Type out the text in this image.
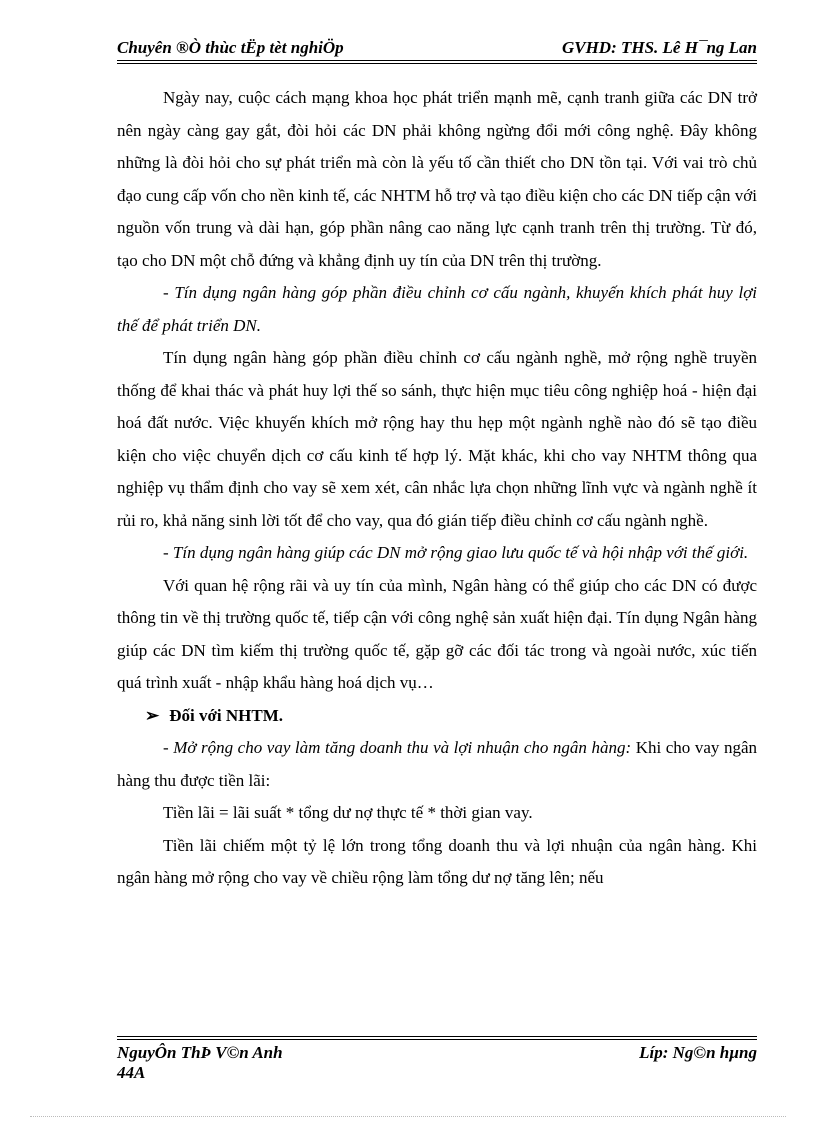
Chuyên ®Ò thùc tËp tèt nghiÖp	GVHD: THS. Lê H¯ng Lan

Ngày nay, cuộc cách mạng khoa học phát triển mạnh mẽ, cạnh tranh giữa các DN trở nên ngày càng gay gắt, đòi hỏi các DN phải không ngừng đổi mới công nghệ. Đây không những là đòi hỏi cho sự phát triển mà còn là yếu tố cần thiết cho DN tồn tại. Với vai trò chủ đạo cung cấp vốn cho nền kinh tế, các NHTM hỗ trợ và tạo điều kiện cho các DN tiếp cận với nguồn vốn trung và dài hạn, góp phần nâng cao năng lực cạnh tranh trên thị trường. Từ đó, tạo cho DN một chỗ đứng và khẳng định uy tín của DN trên thị trường.

- Tín dụng ngân hàng góp phần điều chỉnh cơ cấu ngành, khuyến khích phát huy lợi thế để phát triển DN.

Tín dụng ngân hàng góp phần điều chỉnh cơ cấu ngành nghề, mở rộng nghề truyền thống để khai thác và phát huy lợi thế so sánh, thực hiện mục tiêu công nghiệp hoá - hiện đại hoá đất nước. Việc khuyến khích mở rộng hay thu hẹp một ngành nghề nào đó sẽ tạo điều kiện cho việc chuyển dịch cơ cấu kinh tế hợp lý. Mặt khác, khi cho vay NHTM thông qua nghiệp vụ thẩm định cho vay sẽ xem xét, cân nhắc lựa chọn những lĩnh vực và ngành nghề ít rủi ro, khả năng sinh lời tốt để cho vay, qua đó gián tiếp điều chỉnh cơ cấu ngành nghề.

- Tín dụng ngân hàng giúp các DN mở rộng giao lưu quốc tế và hội nhập với thế giới.

Với quan hệ rộng rãi và uy tín của mình, Ngân hàng có thể giúp cho các DN có được thông tin về thị trường quốc tế, tiếp cận với công nghệ sản xuất hiện đại. Tín dụng Ngân hàng giúp các DN tìm kiếm thị trường quốc tế, gặp gỡ các đối tác trong và ngoài nước, xúc tiến quá trình xuất - nhập khẩu hàng hoá dịch vụ…

➢ Đối với NHTM.

- Mở rộng cho vay làm tăng doanh thu và lợi nhuận cho ngân hàng: Khi cho vay ngân hàng thu được tiền lãi:

Tiền lãi = lãi suất * tổng dư nợ thực tế * thời gian vay.

Tiền lãi chiếm một tỷ lệ lớn trong tổng doanh thu và lợi nhuận của ngân hàng. Khi ngân hàng mở rộng cho vay về chiều rộng làm tổng dư nợ tăng lên; nếu

NguyÔn ThÞ V©n Anh	Líp: Ng©n hµng
44A
